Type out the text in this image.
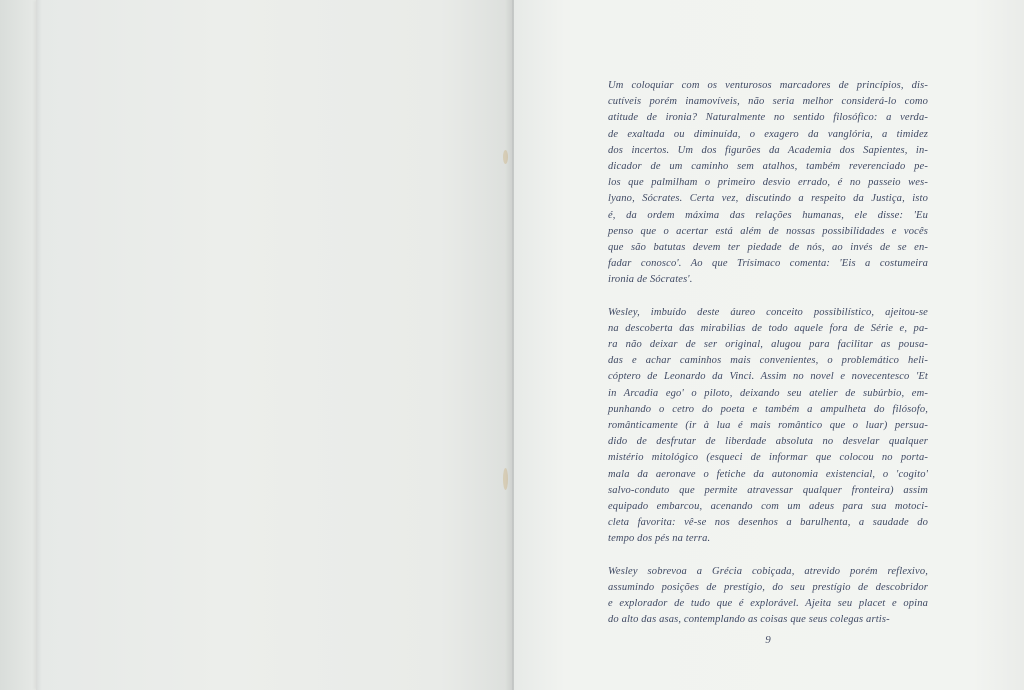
Um coloquiar com os venturosos marcadores de princípios, dis-
cutíveis porém inamovíveis, não seria melhor considerá-lo como
atitude de ironia? Naturalmente no sentido filosófico: a verda-
de exaltada ou diminuída, o exagero da vanglória, a timidez
dos incertos. Um dos figurões da Academia dos Sapientes, in-
dicador de um caminho sem atalhos, também reverenciado pe-
los que palmilham o primeiro desvio errado, é no passeio wes-
lyano, Sócrates. Certa vez, discutindo a respeito da Justiça, isto
é, da ordem máxima das relações humanas, ele disse: 'Eu
penso que o acertar está além de nossas possibilidades e vocês
que são batutas devem ter piedade de nós, ao invés de se en-
fadar conosco'. Ao que Trísimaco comenta: 'Eis a costumeira
ironia de Sócrates'.

Wesley, imbuído deste áureo conceito possibilístico, ajeitou-se
na descoberta das mirabilias de todo aquele fora de Série e, pa-
ra não deixar de ser original, alugou para facilitar as pousa-
das e achar caminhos mais convenientes, o problemático heli-
cóptero de Leonardo da Vinci. Assim no novel e novecentesco 'Et
in Arcadia ego' o piloto, deixando seu atelier de subúrbio, em-
punhando o cetro do poeta e também a ampulheta do filósofo,
românticamente (ir à lua é mais romântico que o luar) persua-
dido de desfrutar de liberdade absoluta no desvelar qualquer
mistério mitológico (esqueci de informar que colocou no porta-
mala da aeronave o fetiche da autonomia existencial, o 'cogito'
salvo-conduto que permite atravessar qualquer fronteira) assim
equipado embarcou, acenando com um adeus para sua motoci-
cleta favorita: vê-se nos desenhos a barulhenta, a saudade do
tempo dos pés na terra.

Wesley sobrevoa a Grécia cobiçada, atrevido porém reflexivo,
assumindo posições de prestígio, do seu prestígio de descobridor
e explorador de tudo que é explorável. Ajeita seu placet e opina
do alto das asas, contemplando as coisas que seus colegas artis-

9
